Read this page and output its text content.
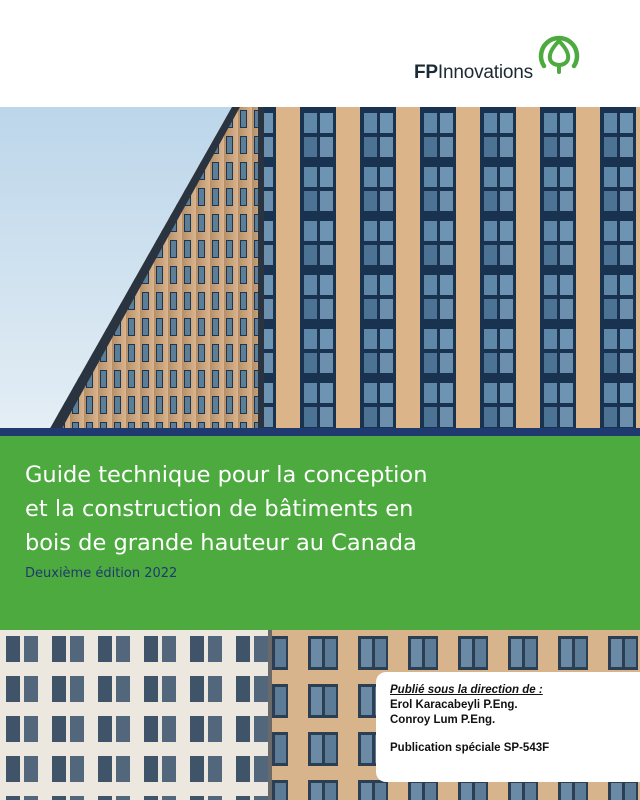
FPInnovations
Guide technique pour la conception
et la construction de bâtiments en
bois de grande hauteur au Canada
Deuxième édition 2022
Publié sous la direction de :
Erol Karacabeyli P.Eng.
Conroy Lum P.Eng.
Publication spéciale SP-543F
